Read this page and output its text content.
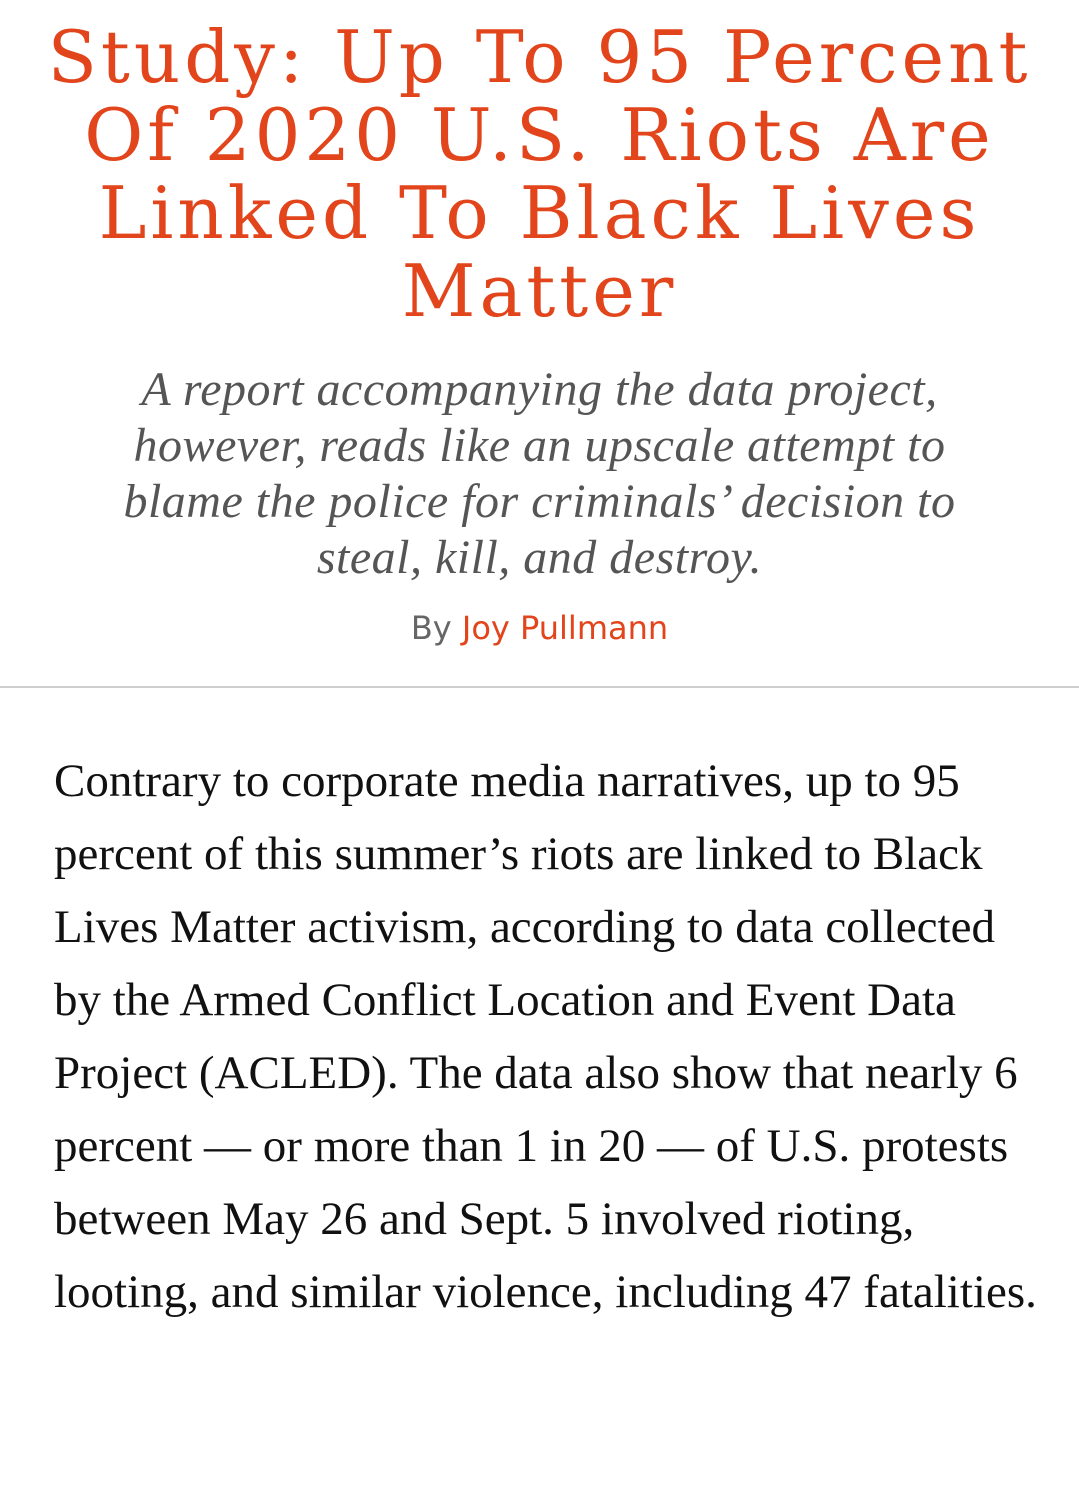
Study: Up To 95 Percent Of 2020 U.S. Riots Are Linked To Black Lives Matter

A report accompanying the data project, however, reads like an upscale attempt to blame the police for criminals’ decision to steal, kill, and destroy.

By Joy Pullmann

Contrary to corporate media narratives, up to 95 percent of this summer’s riots are linked to Black Lives Matter activism, according to data collected by the Armed Conflict Location and Event Data Project (ACLED). The data also show that nearly 6 percent — or more than 1 in 20 — of U.S. protests between May 26 and Sept. 5 involved rioting, looting, and similar violence, including 47 fatalities.
